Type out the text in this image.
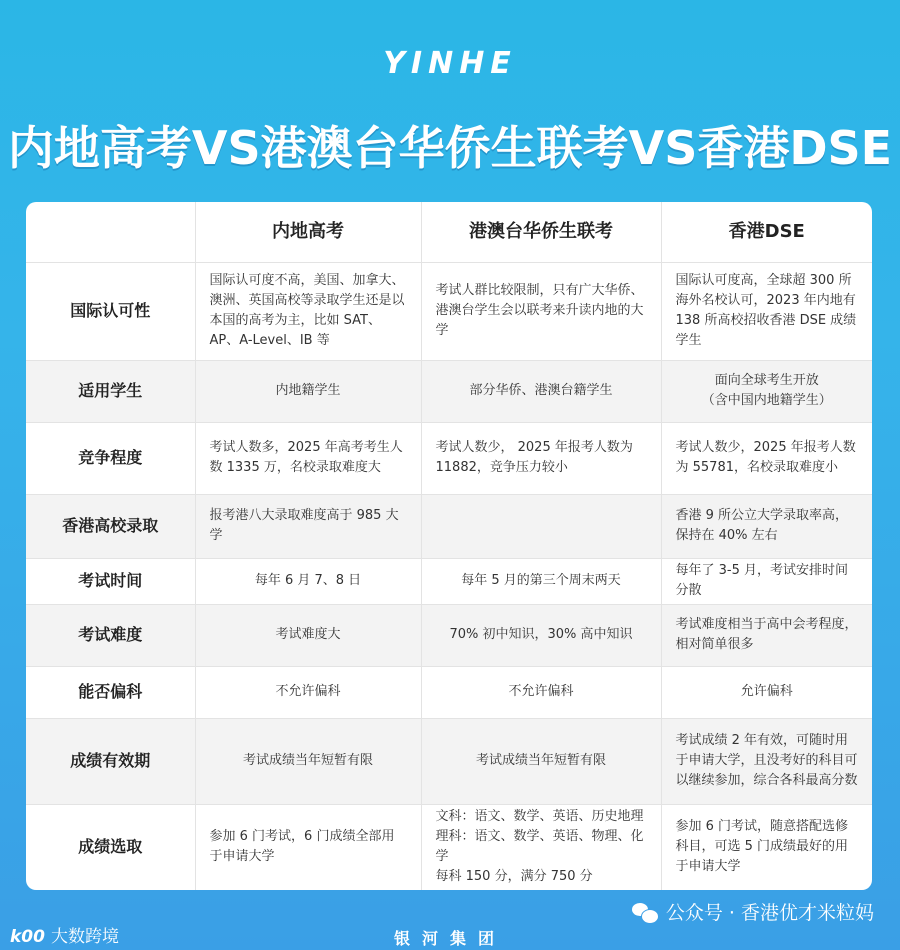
YINHE
内地高考VS港澳台华侨生联考VS香港DSE
	内地高考	港澳台华侨生联考	香港DSE
国际认可性	国际认可度不高，美国、加拿大、澳洲、英国高校等录取学生还是以本国的高考为主，比如 SAT、AP、A-Level、IB 等	考试人群比较限制，只有广大华侨、港澳台学生会以联考来升读内地的大学	国际认可度高，全球超 300 所海外名校认可，2023 年内地有 138 所高校招收香港 DSE 成绩学生
适用学生	内地籍学生	部分华侨、港澳台籍学生	面向全球考生开放
（含中国内地籍学生）
竞争程度	考试人数多，2025 年高考考生人数 1335 万，名校录取难度大	考试人数少， 2025 年报考人数为 11882，竞争压力较小	考试人数少，2025 年报考人数为 55781，名校录取难度小
香港高校录取	报考港八大录取难度高于 985 大学		香港 9 所公立大学录取率高，保持在 40% 左右
考试时间	每年 6 月 7、8 日	每年 5 月的第三个周末两天	每年了 3-5 月，考试安排时间分散
考试难度	考试难度大	70% 初中知识，30% 高中知识	考试难度相当于高中会考程度，相对简单很多
能否偏科	不允许偏科	不允许偏科	允许偏科
成绩有效期	考试成绩当年短暂有限	考试成绩当年短暂有限	考试成绩 2 年有效，可随时用于申请大学，且没考好的科目可以继续参加，综合各科最高分数
成绩选取	参加 6 门考试，6 门成绩全部用于申请大学	文科：语文、数学、英语、历史地理
理科：语文、数学、英语、物理、化学
每科 150 分，满分 750 分	参加 6 门考试，随意搭配选修科目，可选 5 门成绩最好的用于申请大学
k00 大数跨境	银河集团
公众号 · 香港优才米粒妈
